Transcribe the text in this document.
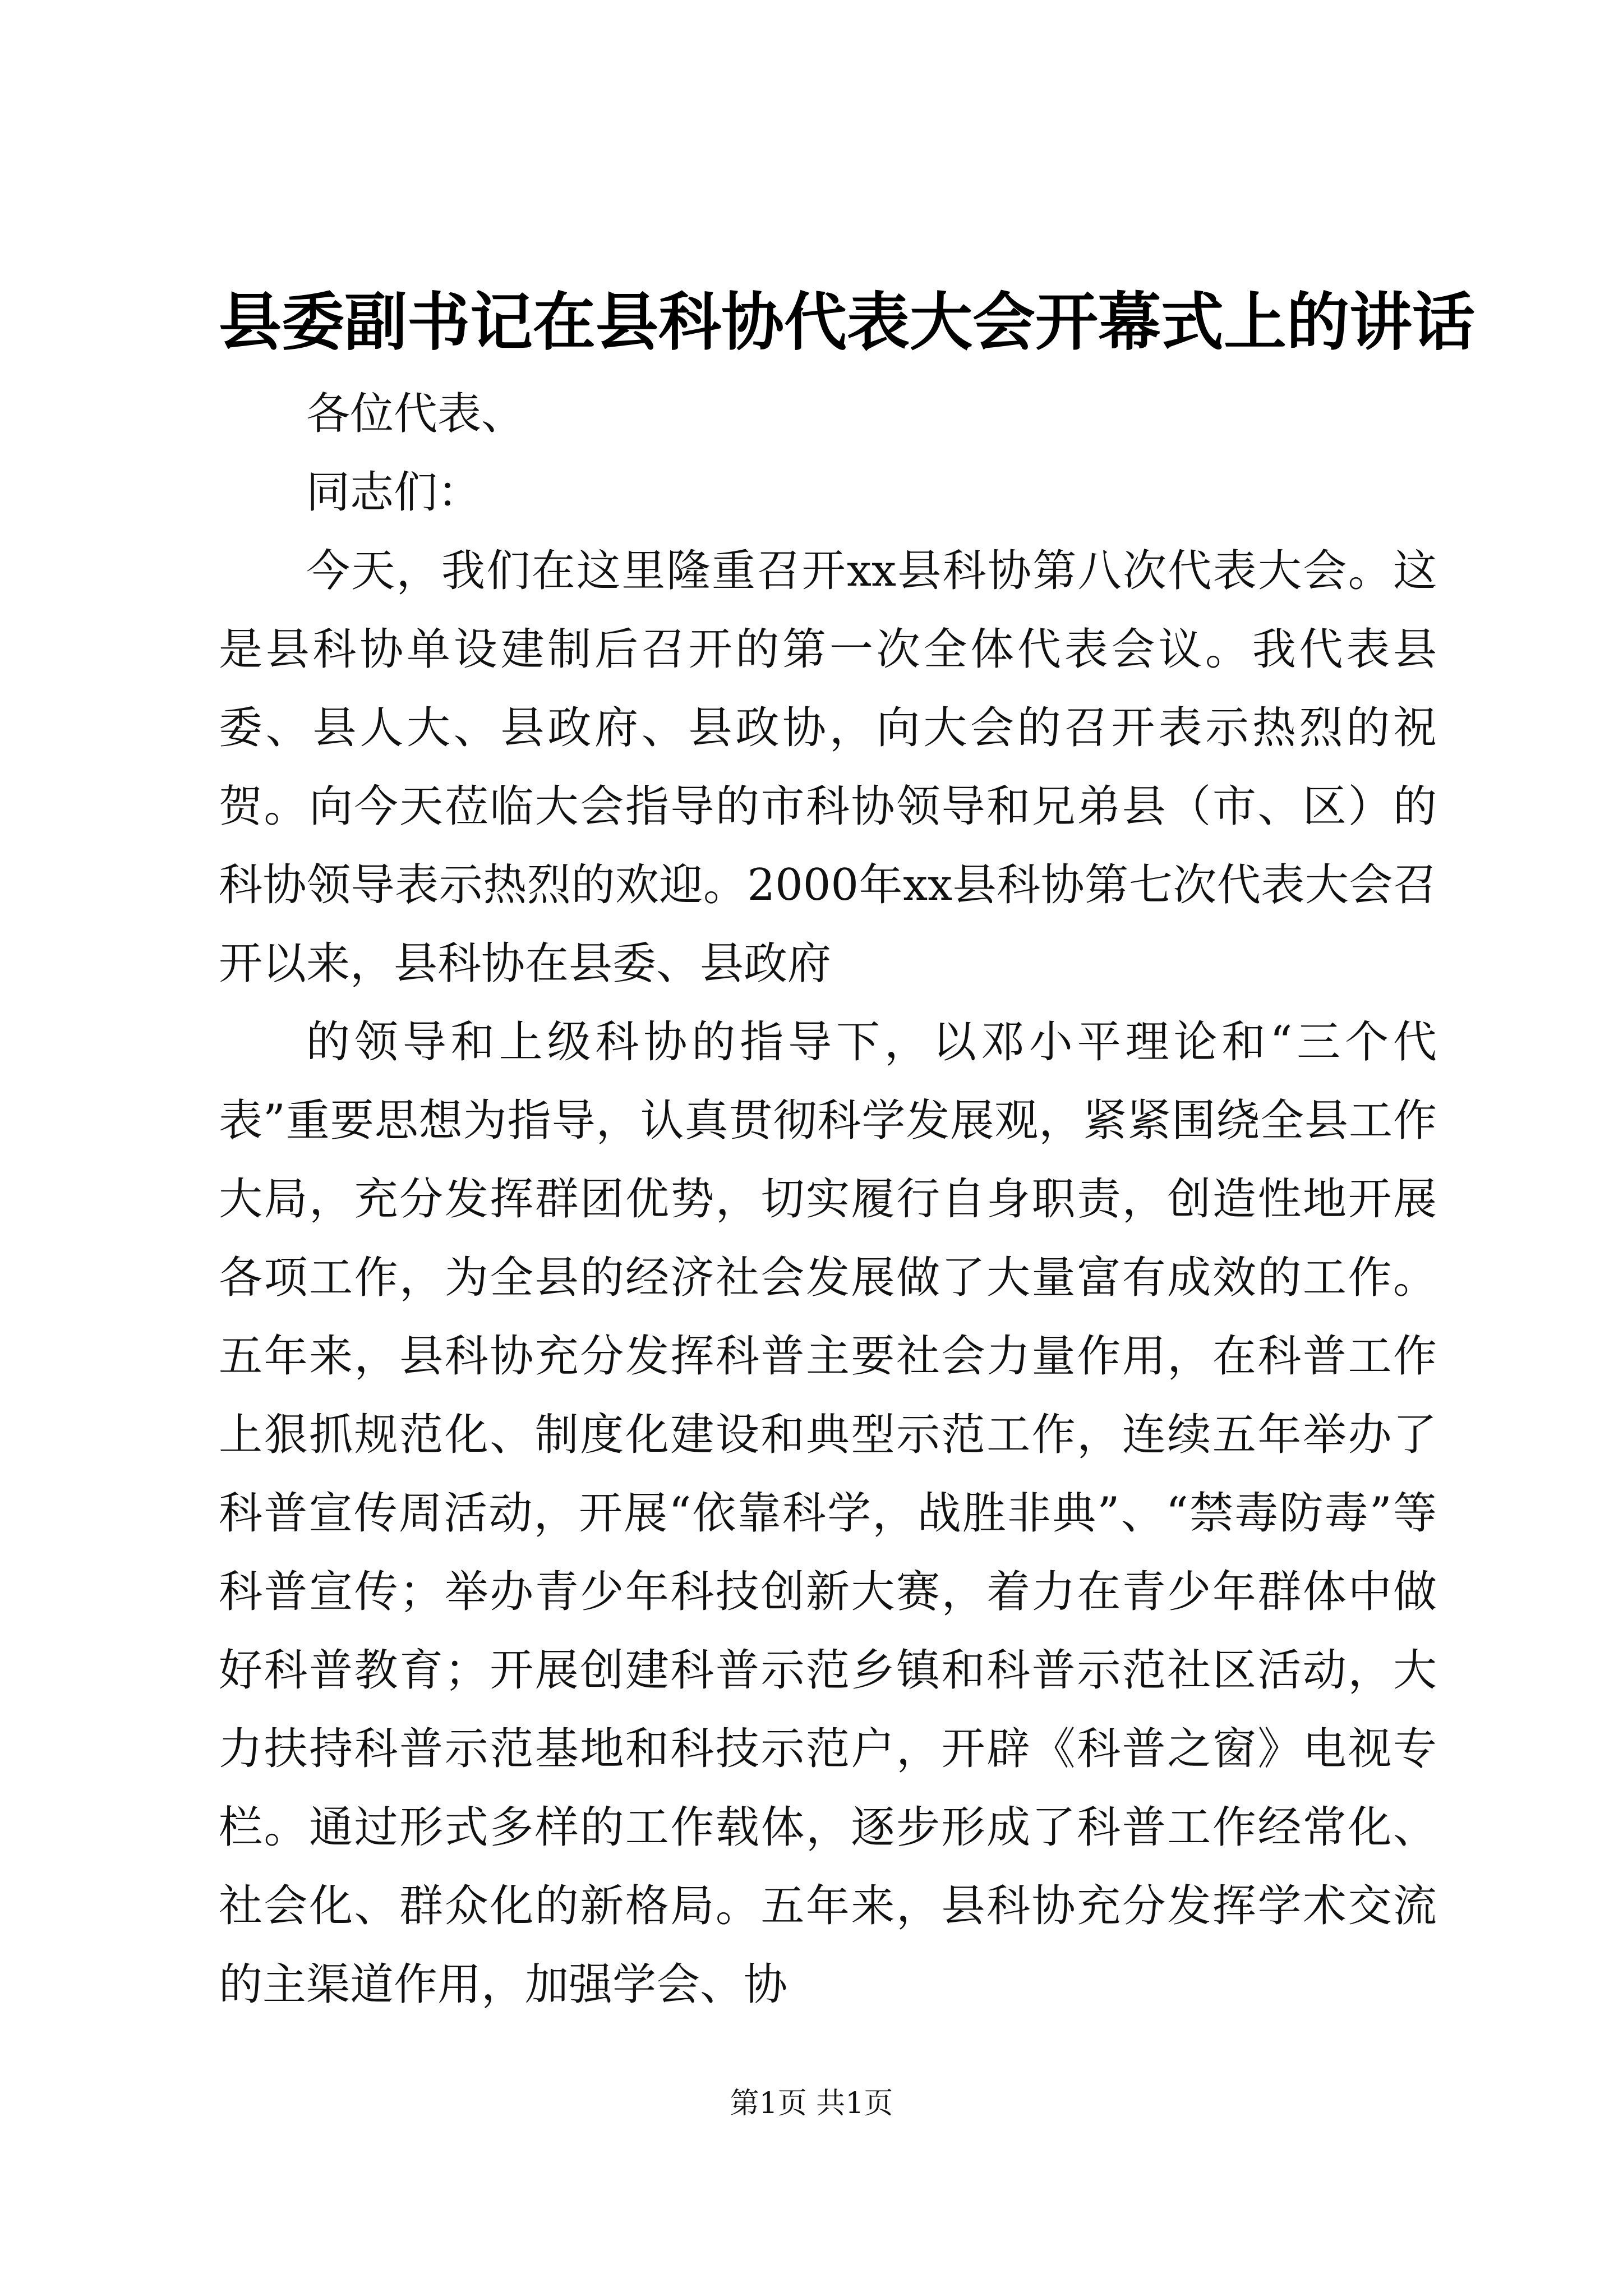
县委副书记在县科协代表大会开幕式上的讲话

各位代表、

同志们：

今天，我们在这里隆重召开xx县科协第八次代表大会。这是县科协单设建制后召开的第一次全体代表会议。我代表县委、县人大、县政府、县政协，向大会的召开表示热烈的祝贺。向今天莅临大会指导的市科协领导和兄弟县（市、区）的科协领导表示热烈的欢迎。2000年xx县科协第七次代表大会召开以来，县科协在县委、县政府

的领导和上级科协的指导下，以邓小平理论和“三个代表”重要思想为指导，认真贯彻科学发展观，紧紧围绕全县工作大局，充分发挥群团优势，切实履行自身职责，创造性地开展各项工作，为全县的经济社会发展做了大量富有成效的工作。五年来，县科协充分发挥科普主要社会力量作用，在科普工作上狠抓规范化、制度化建设和典型示范工作，连续五年举办了科普宣传周活动，开展“依靠科学，战胜非典”、“禁毒防毒”等科普宣传；举办青少年科技创新大赛，着力在青少年群体中做好科普教育；开展创建科普示范乡镇和科普示范社区活动，大力扶持科普示范基地和科技示范户，开辟《科普之窗》电视专栏。通过形式多样的工作载体，逐步形成了科普工作经常化、社会化、群众化的新格局。五年来，县科协充分发挥学术交流的主渠道作用，加强学会、协

第1页 共1页
